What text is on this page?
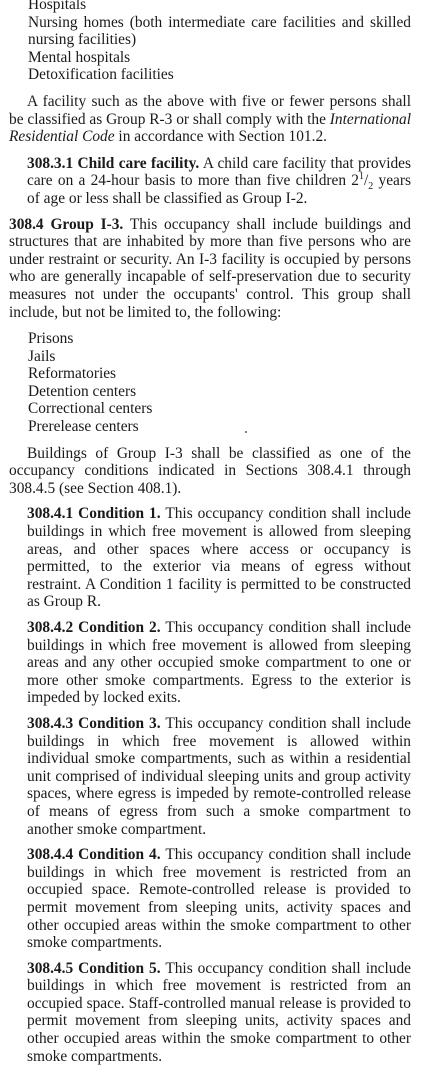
Hospitals
Nursing homes (both intermediate care facilities and skilled nursing facilities)
Mental hospitals
Detoxification facilities

A facility such as the above with five or fewer persons shall be classified as Group R-3 or shall comply with the International Residential Code in accordance with Section 101.2.

308.3.1 Child care facility. A child care facility that provides care on a 24-hour basis to more than five children $2^1/_2$ years of age or less shall be classified as Group I-2.

308.4 Group I-3. This occupancy shall include buildings and structures that are inhabited by more than five persons who are under restraint or security. An I-3 facility is occupied by persons who are generally incapable of self-preservation due to security measures not under the occupants' control. This group shall include, but not be limited to, the following:

Prisons
Jails
Reformatories
Detention centers
Correctional centers
Prerelease centers

Buildings of Group I-3 shall be classified as one of the occupancy conditions indicated in Sections 308.4.1 through 308.4.5 (see Section 408.1).

308.4.1 Condition 1. This occupancy condition shall include buildings in which free movement is allowed from sleeping areas, and other spaces where access or occupancy is permitted, to the exterior via means of egress without restraint. A Condition 1 facility is permitted to be constructed as Group R.

308.4.2 Condition 2. This occupancy condition shall include buildings in which free movement is allowed from sleeping areas and any other occupied smoke compartment to one or more other smoke compartments. Egress to the exterior is impeded by locked exits.

308.4.3 Condition 3. This occupancy condition shall include buildings in which free movement is allowed within individual smoke compartments, such as within a residential unit comprised of individual sleeping units and group activity spaces, where egress is impeded by remote-controlled release of means of egress from such a smoke compartment to another smoke compartment.

308.4.4 Condition 4. This occupancy condition shall include buildings in which free movement is restricted from an occupied space. Remote-controlled release is provided to permit movement from sleeping units, activity spaces and other occupied areas within the smoke compartment to other smoke compartments.

308.4.5 Condition 5. This occupancy condition shall include buildings in which free movement is restricted from an occupied space. Staff-controlled manual release is provided to permit movement from sleeping units, activity spaces and other occupied areas within the smoke compartment to other smoke compartments.
